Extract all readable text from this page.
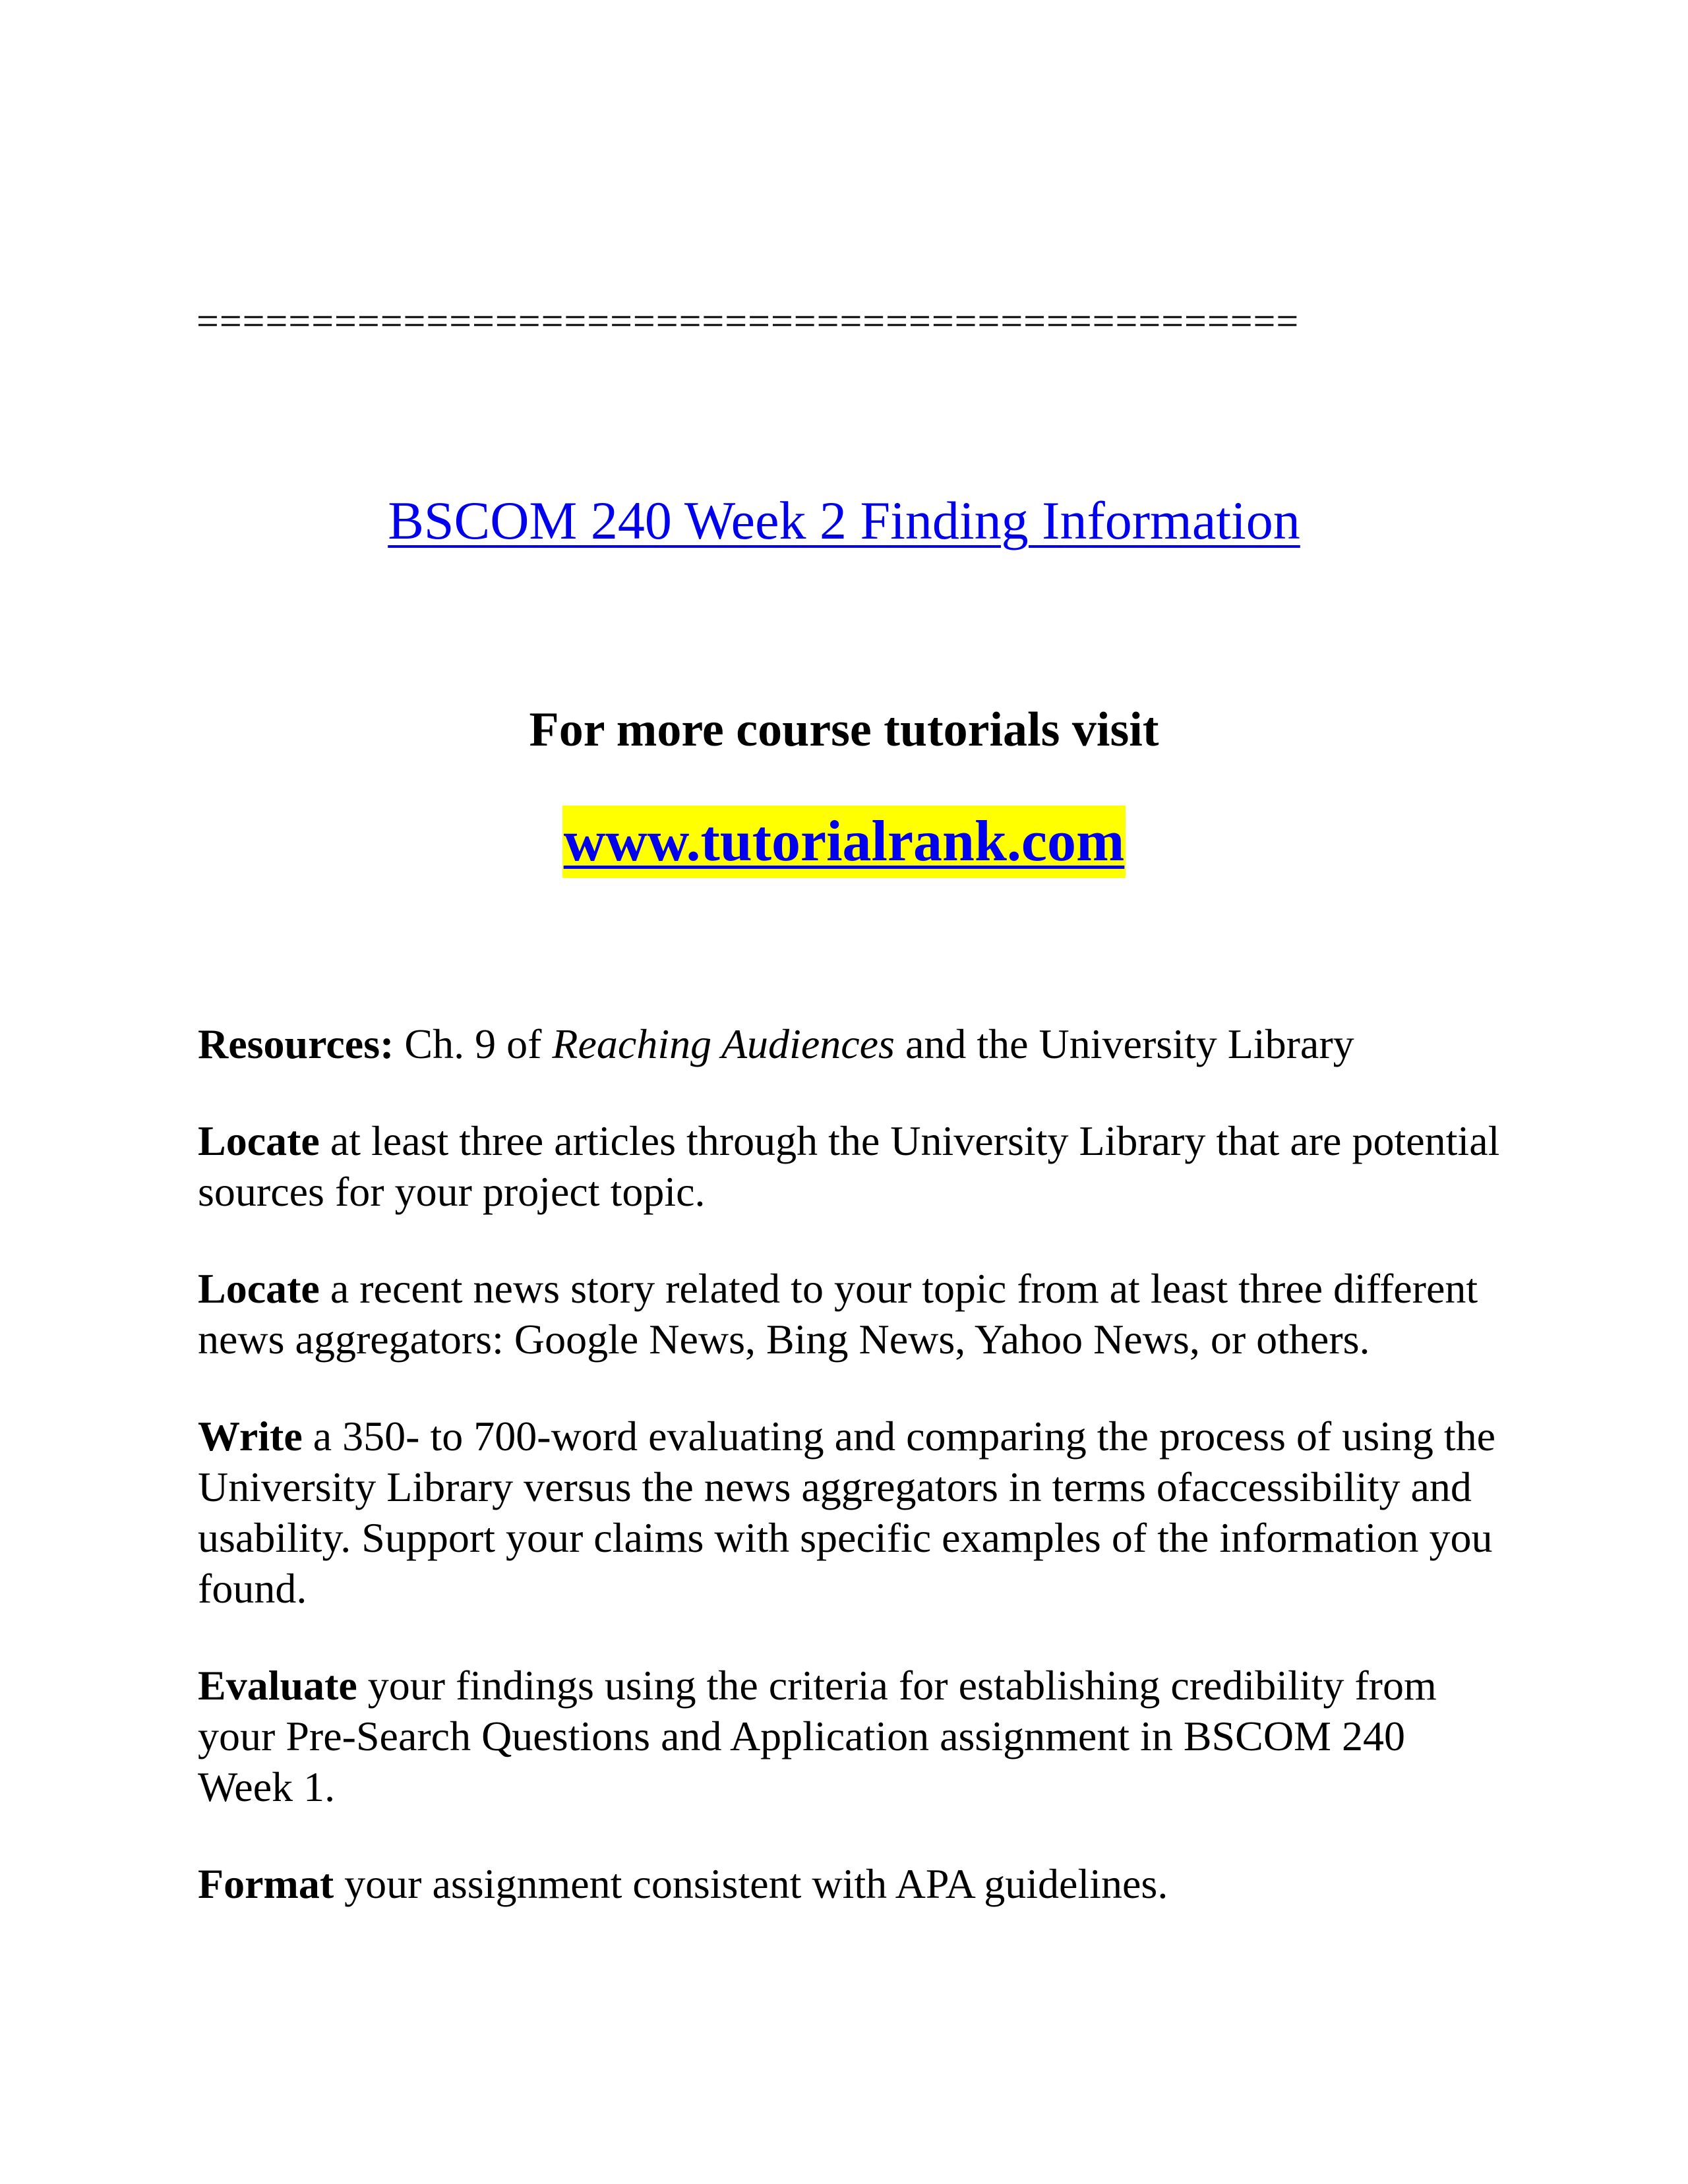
================================================
BSCOM 240 Week 2 Finding Information
For more course tutorials visit
www.tutorialrank.com

Resources: Ch. 9 of Reaching Audiences and the University Library

Locate at least three articles through the University Library that are potential sources for your project topic.

Locate a recent news story related to your topic from at least three different news aggregators: Google News, Bing News, Yahoo News, or others.

Write a 350- to 700-word evaluating and comparing the process of using the University Library versus the news aggregators in terms ofaccessibility and usability. Support your claims with specific examples of the information you found.

Evaluate your findings using the criteria for establishing credibility from your Pre-Search Questions and Application assignment in BSCOM 240 Week 1.

Format your assignment consistent with APA guidelines.
